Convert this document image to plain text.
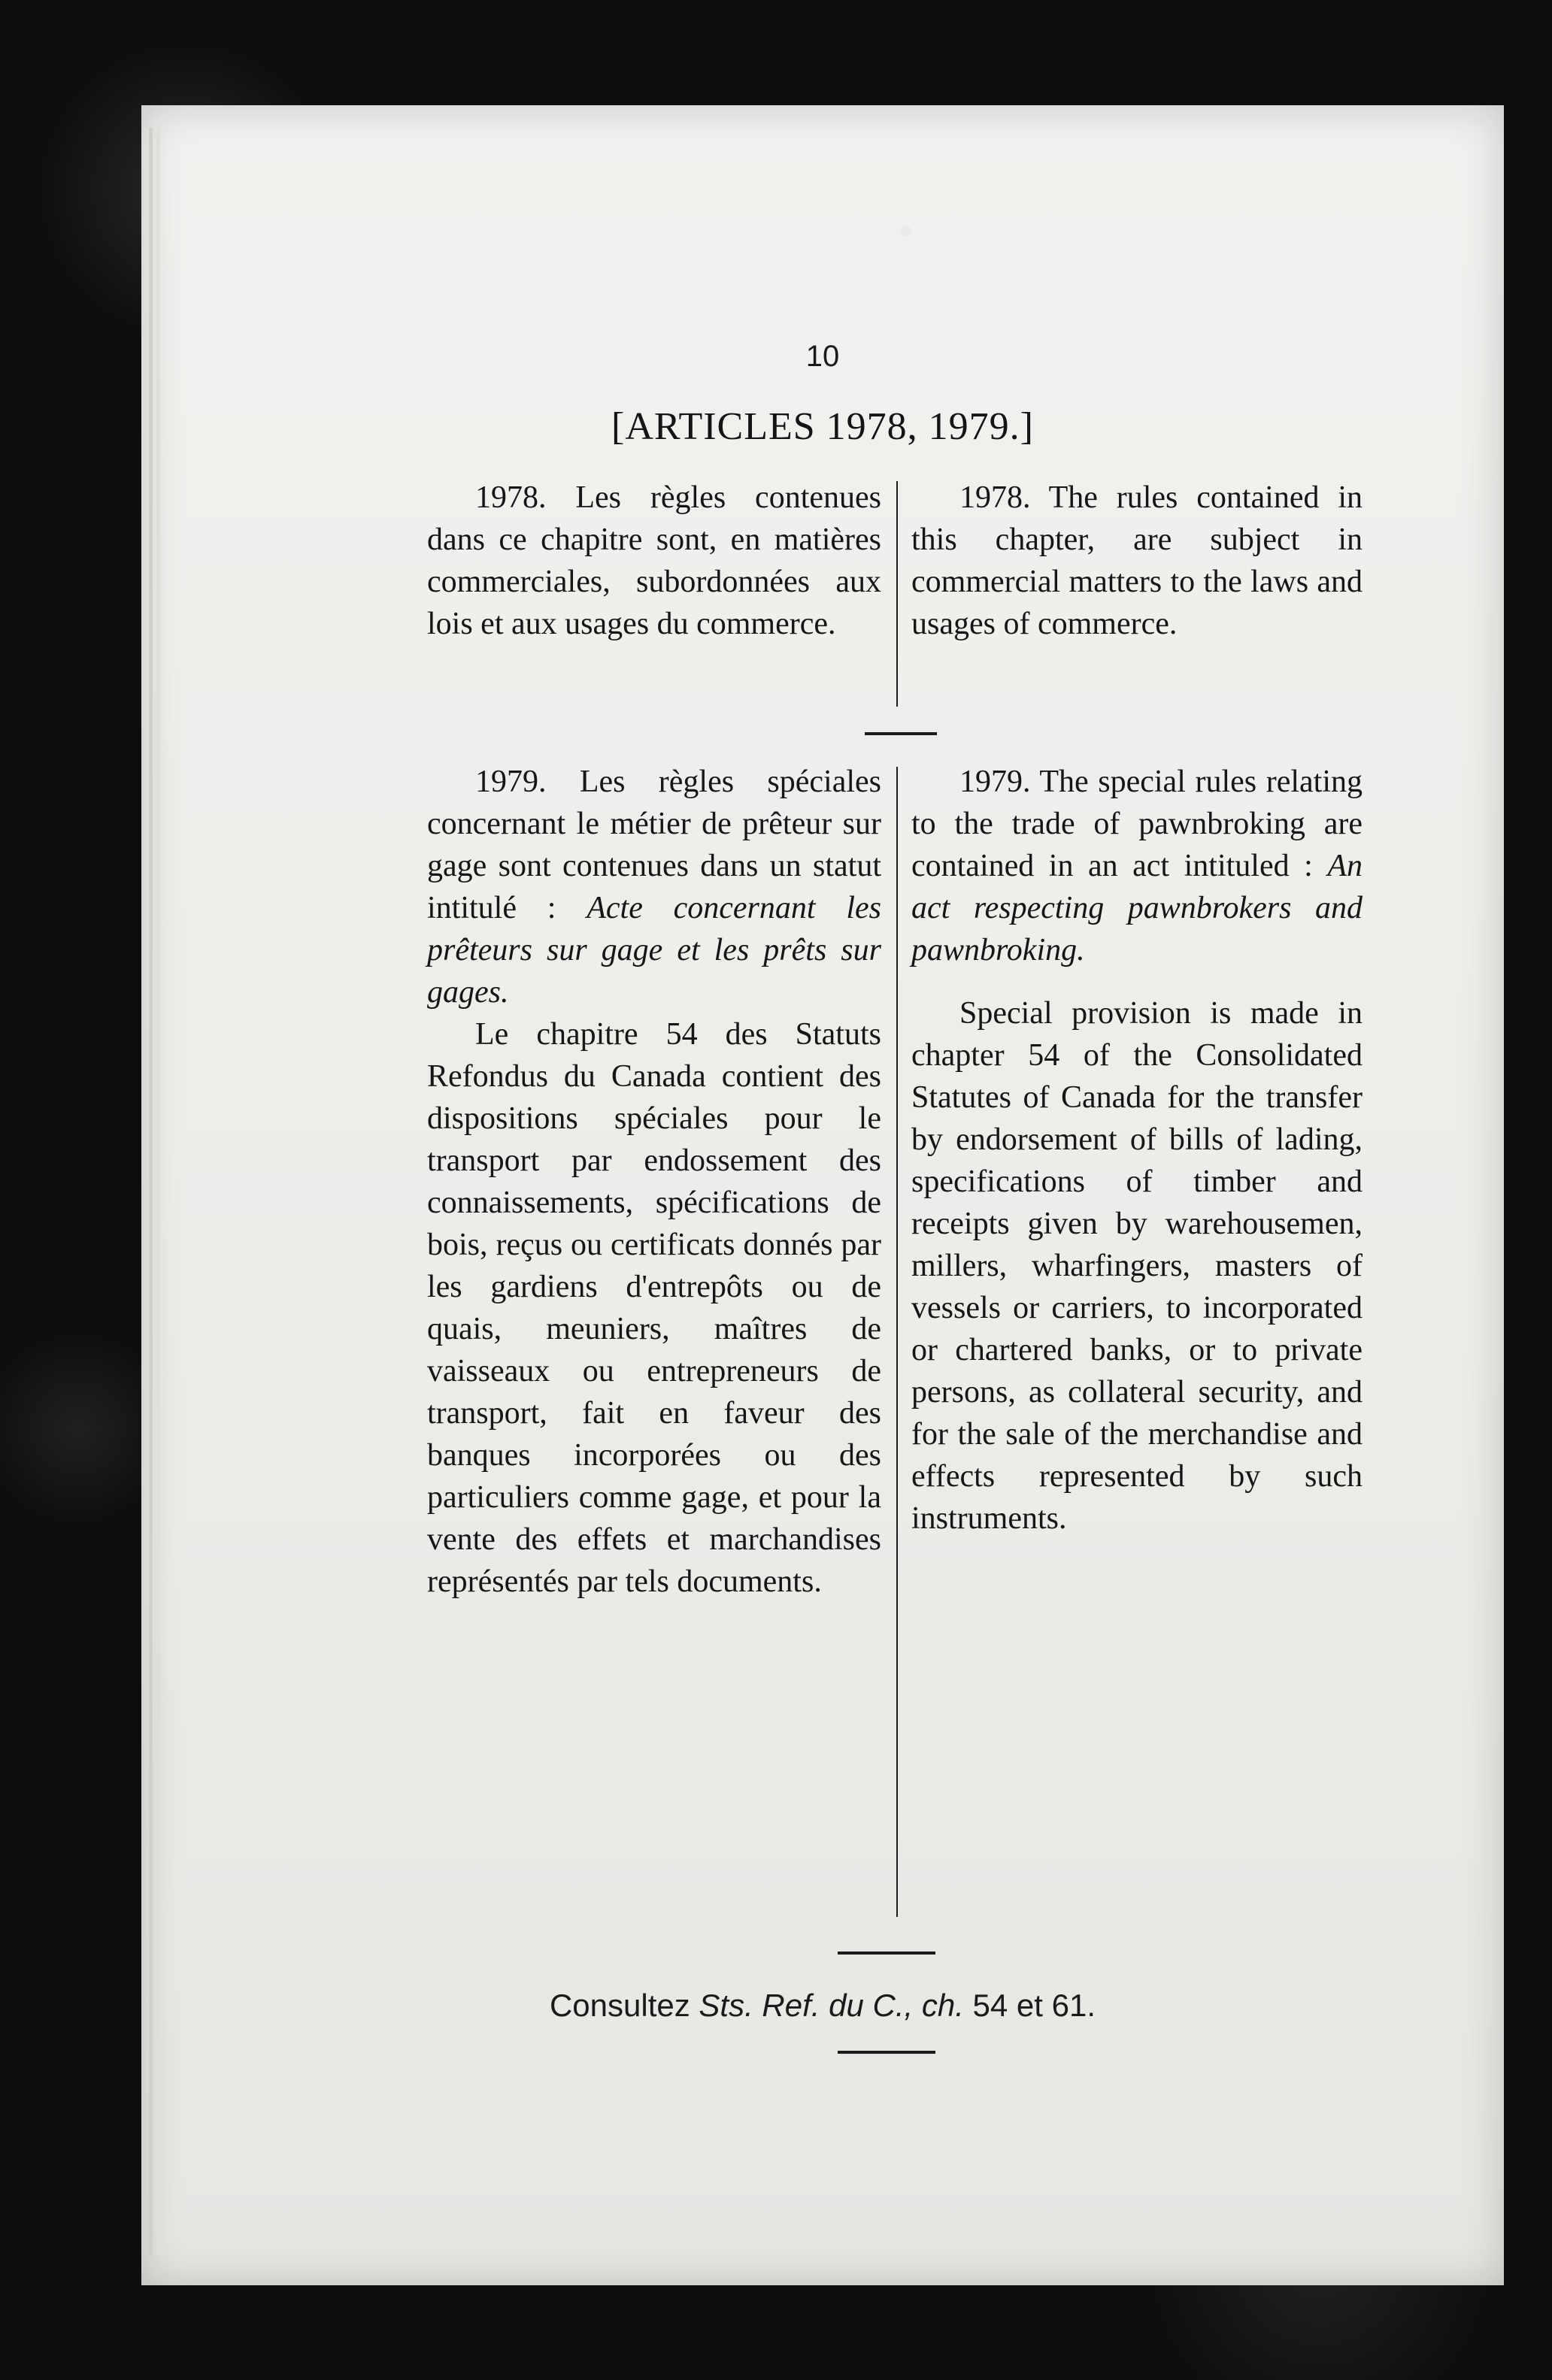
10
[ARTICLES 1978, 1979.]

1978. Les règles contenues dans ce chapitre sont, en matières commerciales, subordonnées aux lois et aux usages du commerce.

1978. The rules contained in this chapter, are subject in commercial matters to the laws and usages of commerce.

1979. Les règles spéciales concernant le métier de prêteur sur gage sont contenues dans un statut intitulé : Acte concernant les prêteurs sur gage et les prêts sur gages.

Le chapitre 54 des Statuts Refondus du Canada contient des dispositions spéciales pour le transport par endossement des connaissements, spécifications de bois, reçus ou certificats donnés par les gardiens d'entrepôts ou de quais, meuniers, maîtres de vaisseaux ou entrepreneurs de transport, fait en faveur des banques incorporées ou des particuliers comme gage, et pour la vente des effets et marchandises représentés par tels documents.

1979. The special rules relating to the trade of pawnbroking are contained in an act intituled : An act respecting pawnbrokers and pawnbroking.

Special provision is made in chapter 54 of the Consolidated Statutes of Canada for the transfer by endorsement of bills of lading, specifications of timber and receipts given by warehousemen, millers, wharfingers, masters of vessels or carriers, to incorporated or chartered banks, or to private persons, as collateral security, and for the sale of the merchandise and effects represented by such instruments.

Consultez Sts. Ref. du C., ch. 54 et 61.
